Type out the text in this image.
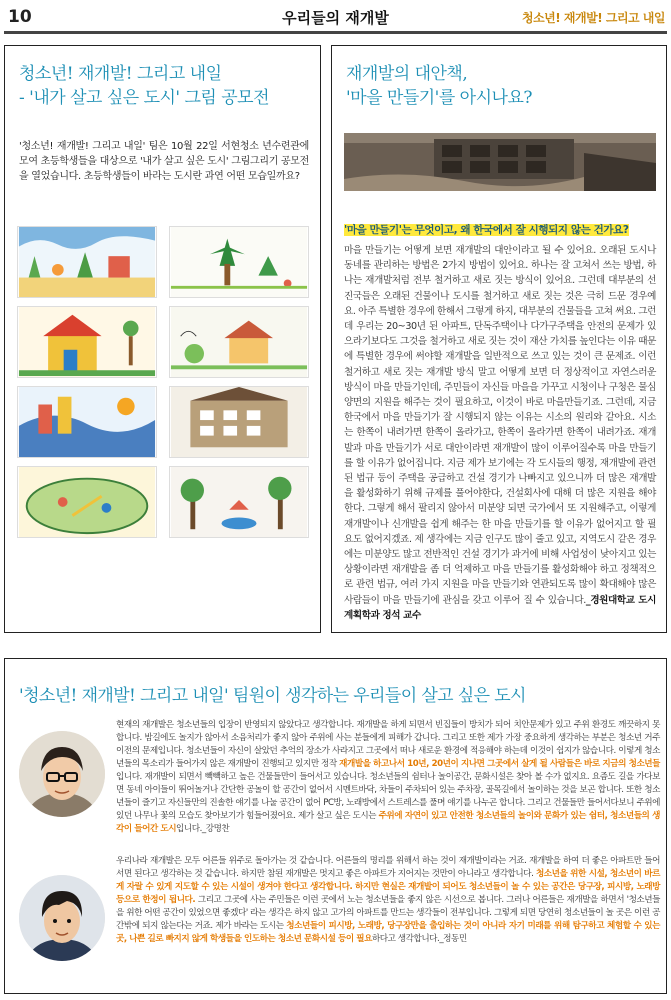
10	우리들의 재개발	청소년! 재개발! 그리고 내일
청소년! 재개발! 그리고 내일
- '내가 살고 싶은 도시' 그림 공모전

'청소년! 재개발! 그리고 내일' 팀은 10월 22일 서현청소 년수련관에 모여 초등학생들을 대상으로 '내가 살고 싶은 도시' 그림그리기 공모전을 열었습니다. 초등학생들이 바라는 도시란 과연 어떤 모습일까요?

재개발의 대안책,
'마을 만들기'를 아시나요?
'마을 만들기'는 무엇이고, 왜 한국에서 잘 시행되지 않는 건가요?
마을 만들기는 어떻게 보면 재개발의 대안이라고 될 수 있어요. 오래된 도시나 동네를 관리하는 방법은 2가지 방법이 있어요. 하나는 잘 고쳐서 쓰는 방법, 하나는 재개발처럼 전부 철거하고 새로 짓는 방식이 있어요. 그런데 대부분의 선진국들은 오래된 건물이나 도시를 철거하고 새로 짓는 것은 극히 드문 경우예요. 아주 특별한 경우에 한해서 그렇게 하지, 대부분의 건물들을 고쳐 써요. 그런데 우리는 20~30년 된 아파트, 단독주택이나 다가구주택을 안전의 문제가 있으라기보다도 그것을 철거하고 새로 짓는 것이 재산 가치를 높인다는 이유 때문에 특별한 경우에 써야할 재개발을 일반적으로 쓰고 있는 것이 큰 문제죠. 이런 철거하고 새로 짓는 재개발 방식 말고 어떻게 보면 더 정상적이고 자연스러운 방식이 마을 만들기인데, 주민들이 자신들 마을을 가꾸고 시청이나 구청은 물심양면의 지원을 해주는 것이 필요하고, 이것이 바로 마을만들기죠. 그런데, 지금 한국에서 마을 만들기가 잘 시행되지 않는 이유는 시소의 원리와 같아요. 시소는 한쪽이 내려가면 한쪽이 올라가고, 한쪽이 올라가면 한쪽이 내려가죠. 재개발과 마을 만들기가 서로 대안이라면 재개발이 많이 이루어질수록 마을 만들기를 할 이유가 없어집니다. 지금 제가 보기에는 각 도시들의 행정, 재개발에 관련된 법규 등이 주택을 공급하고 건설 경기가 나빠지고 있으니까 더 많은 재개발을 활성화하기 위해 규제를 풀어야한다, 건설회사에 대해 더 많은 지원을 해야 한다. 그렇게 해서 팔리지 않아서 미분양 되면 국가에서 또 지원해주고, 이렇게 재개발이나 신개발을 쉽게 해주는 한 마을 만들기를 할 이유가 없어지고 할 필요도 없어지겠죠. 제 생각에는 지금 인구도 많이 줄고 있고, 지역도시 같은 경우에는 미분양도 많고 전반적인 건설 경기가 과거에 비해 사업성이 낮아지고 있는 상황이라면 재개발을 좀 더 억제하고 마을 만들기를 활성화해야 하고 정책적으로 관련 법규, 여러 가지 지원을 마을 만들기와 연관되도록 많이 확대해야 많은 사람들이 마을 만들기에 관심을 갖고 이루어 질 수 있습니다._경원대학교 도시계획학과 정석 교수
'청소년! 재개발! 그리고 내일' 팀원이 생각하는 우리들이 살고 싶은 도시

현재의 재개발은 청소년들의 입장이 반영되지 않았다고 생각합니다. 재개발을 하게 되면서 빈집들이 방치가 되어 치안문제가 있고 주위 환경도 깨끗하지 못합니다. 밤길에도 놀지가 않아서 소음처리가 좋지 않아 주위에 사는 분들에게 피해가 갑니다. 그리고 또한 제가 가장 중요하게 생각하는 부분은 청소년 거주이전의 문제입니다. 청소년들이 자신이 살았던 추억의 장소가 사라지고 그곳에서 떠나 새로운 환경에 적응해야 하는데 이것이 쉽지가 않습니다. 이렇게 청소년들의 목소리가 들어가지 않은 재개발이 진행되고 있지만 정작 재개발을 하고나서 10년, 20년이 지나면 그곳에서 살게 될 사람들은 바로 지금의 청소년들입니다. 재개발이 되면서 빽빽하고 높은 건물들만이 들어서고 있습니다. 청소년들의 쉼터나 놀이공간, 문화시설은 찾아 볼 수가 없지요. 요즘도 길을 가다보면 동네 아이들이 뛰어놀거나 간단한 공놀이 할 공간이 없어서 시멘트바닥, 차들이 주차되어 있는 주차장, 골목길에서 놀이하는 것을 보곤 합니다. 또한 청소년들이 즐기고 자신들만의 진솔한 얘기를 나눌 공간이 없어 PC방, 노래방에서 스트레스를 풀며 얘기를 나누곤 합니다. 그리고 건물들만 들어서다보니 주위에 있던 나무나 꽃의 모습도 찾아보기가 힘들어졌어요. 제가 살고 싶은 도시는 주위에 자연이 있고 안전한 청소년들의 놀이와 문화가 있는 쉼터, 청소년들의 생각이 들어간 도시입니다._강명찬

우리나라 재개발은 모두 어른들 위주로 돌아가는 것 같습니다. 어른들의 명리를 위해서 하는 것이 재개발이라는 거죠. 재개발을 하여 더 좋은 아파트만 들어서면 된다고 생각하는 것 같습니다. 하지만 참된 재개발은 멋지고 좋은 아파트가 지어지는 것만이 아니라고 생각합니다. 청소년을 위한 시설, 청소년이 바르게 자랄 수 있게 지도할 수 있는 시설이 생겨야 한다고 생각합니다. 하지만 현실은 재개발이 되어도 청소년들이 놀 수 있는 공간은 당구장, 피시방, 노래방 등으로 한정이 됩니다. 그리고 그곳에 사는 주민들은 이런 곳에서 노는 청소년들을 좋지 않은 시선으로 봅니다. 그러나 어른들은 재개발을 하면서 '청소년들을 위한 어떤 공간이 있었으면 좋겠다' 라는 생각은 하지 않고 고가의 아파트를 만드는 생각들이 전부입니다. 그렇게 되면 당연히 청소년들이 놀 곳은 이런 공간밖에 되지 않는다는 거죠. 제가 바라는 도시는 청소년들이 피시방, 노래방, 당구장만을 출입하는 것이 아니라 자기 미래를 위해 탐구하고 체험할 수 있는 곳, 나쁜 길로 빠지지 않게 학생들을 인도하는 청소년 문화시설 등이 필요하다고 생각합니다._정동민
